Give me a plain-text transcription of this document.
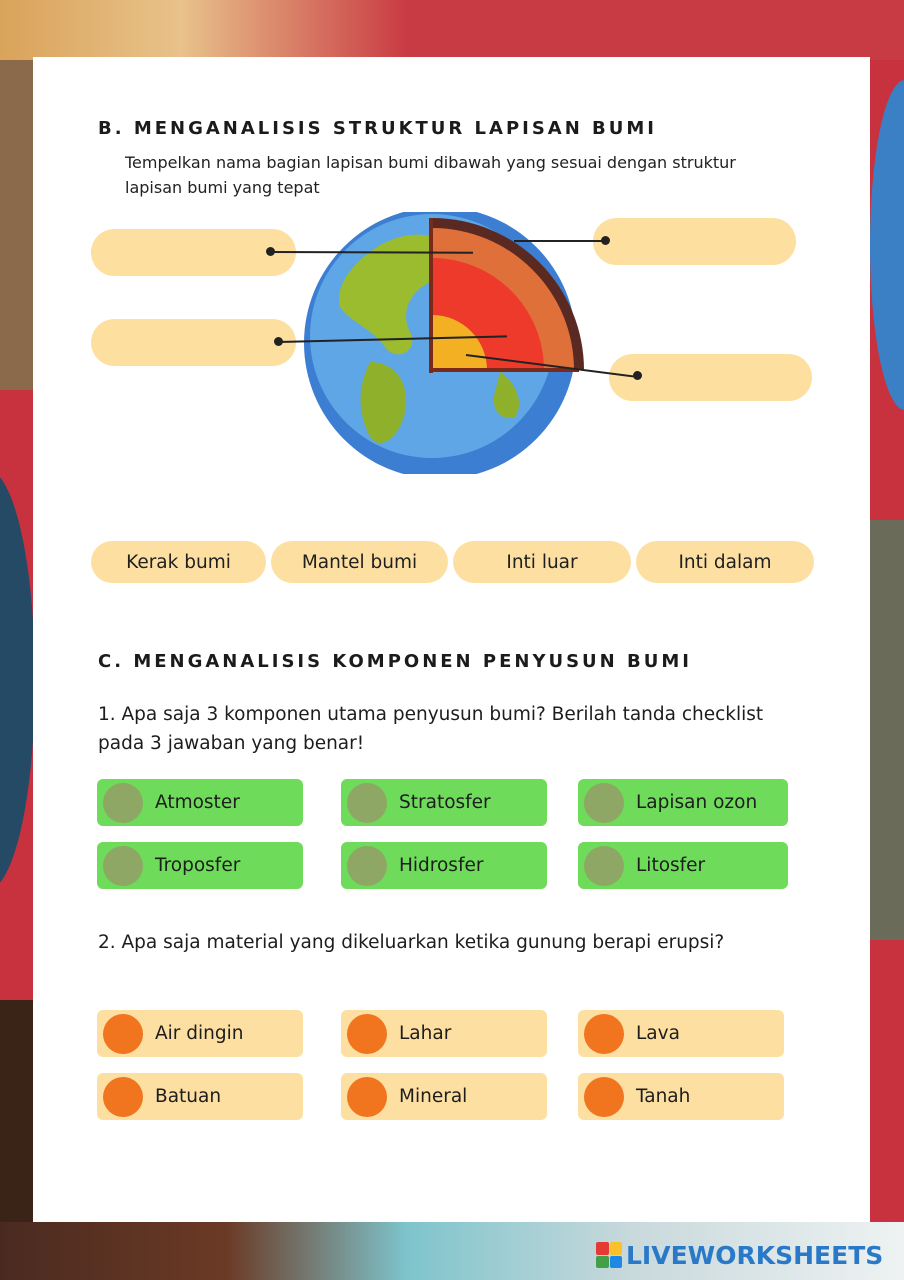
B. MENGANALISIS STRUKTUR LAPISAN BUMI
Tempelkan nama bagian lapisan bumi dibawah yang sesuai dengan struktur lapisan bumi yang tepat
Kerak bumi	Mantel bumi	Inti luar	Inti dalam
C. MENGANALISIS KOMPONEN PENYUSUN BUMI
1. Apa saja 3 komponen utama penyusun bumi? Berilah tanda checklist pada 3 jawaban yang benar!
Atmoster	Stratosfer	Lapisan ozon
Troposfer	Hidrosfer	Litosfer
2. Apa saja material yang dikeluarkan ketika gunung berapi erupsi?
Air dingin	Lahar	Lava
Batuan	Mineral	Tanah
LIVEWORKSHEETS
